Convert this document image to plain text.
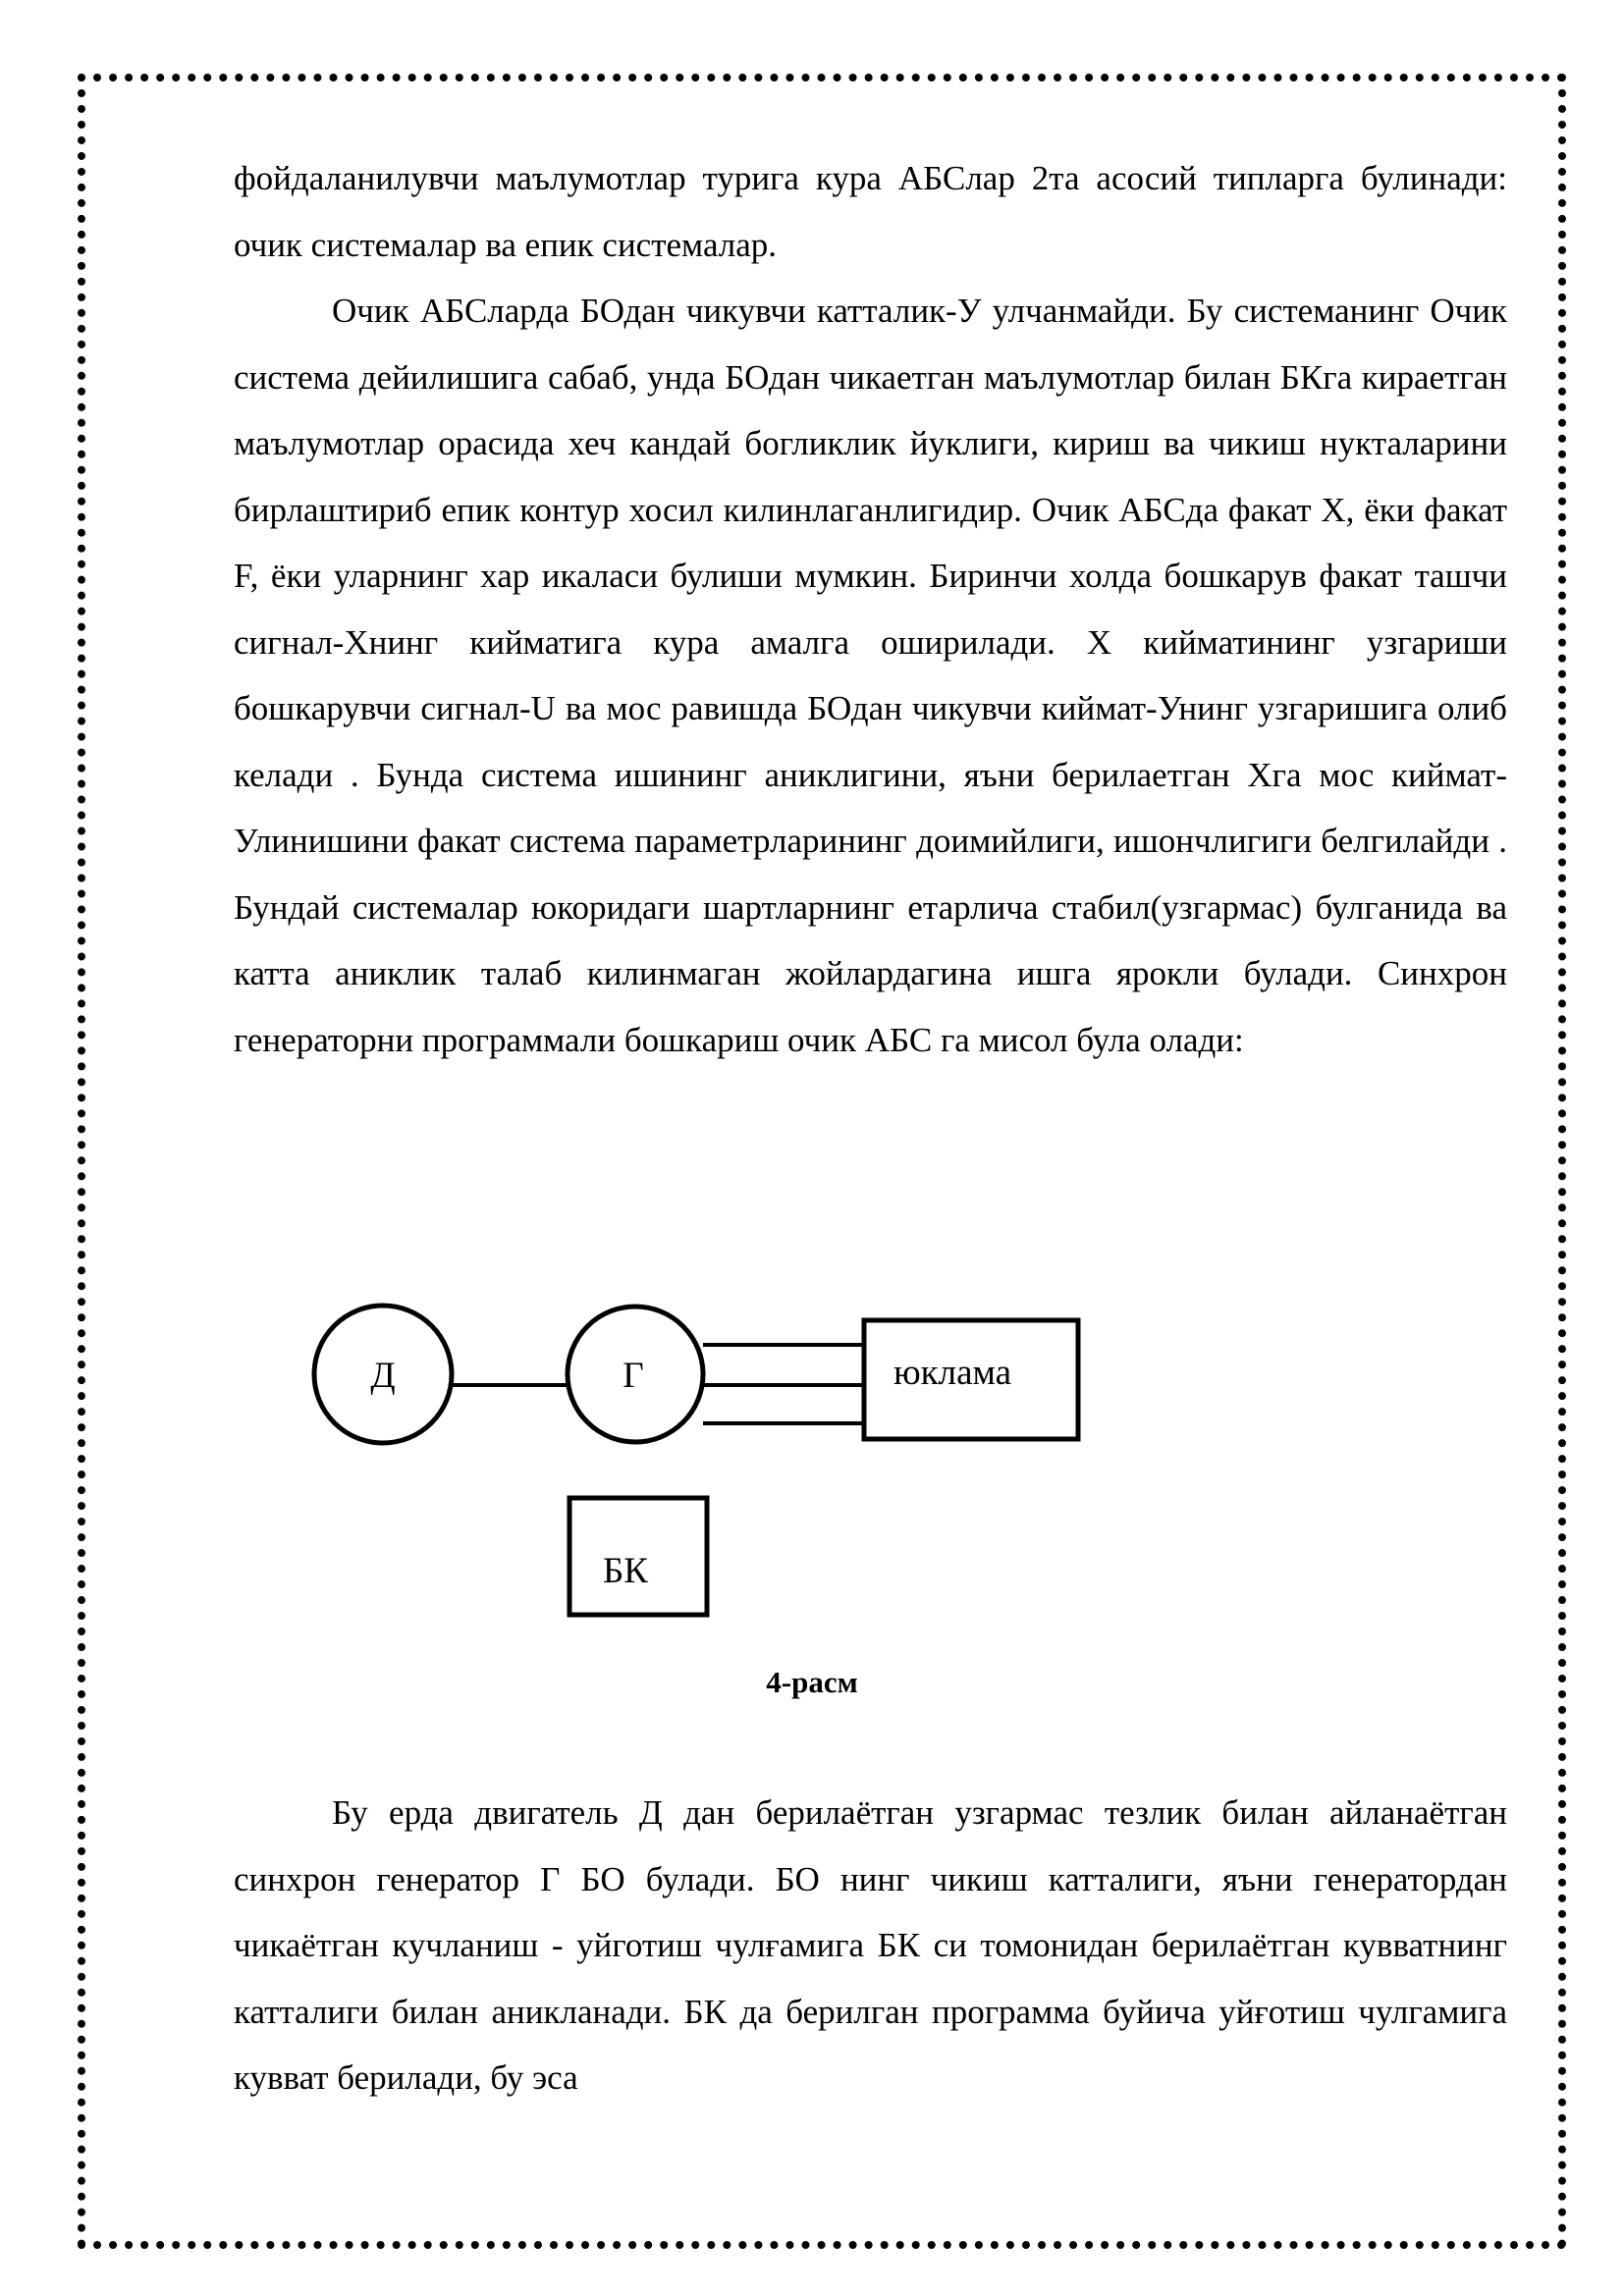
фойдаланилувчи маълумотлар турига кура АБСлар 2та асосий типларга булинади: очик системалар ва епик системалар.

Очик АБСларда БОдан чикувчи катталик-У улчанмайди. Бу системанинг Очик система дейилишига сабаб, унда БОдан чикаетган маълумотлар билан БКга кираетган маълумотлар орасида хеч кандай богликлик йуклиги, кириш ва чикиш нукталарини бирлаштириб епик контур хосил килинлаганлигидир. Очик АБСда факат X, ёки факат F, ёки уларнинг хар икаласи булиши мумкин. Биринчи холда бошкарув факат ташчи сигнал-Хнинг кийматига кура амалга оширилади. X кийматининг узгариши бошкарувчи сигнал-U ва мос равишда БОдан чикувчи киймат-Унинг узгаришига олиб келади . Бунда система ишининг аниклигини, яъни берилаетган Хга мос киймат-Улинишини факат система параметрларининг доимийлиги, ишончлигиги белгилайди . Бундай системалар юкоридаги шартларнинг етарлича стабил(узгармас) булганида ва катта аниклик талаб килинмаган жойлардагина ишга ярокли булади. Синхрон генераторни программали бошкариш очик АБС га мисол була олади:

Д	Г	юклама
БК
4-расм

Бу ерда двигатель Д дан берилаётган узгармас тезлик билан айланаётган синхрон генератор Г БО булади. БО нинг чикиш катталиги, яъни генератордан чикаётган кучланиш - уйготиш чулғамига БК си томонидан берилаётган кувватнинг катталиги билан аникланади. БК да берилган программа буйича уйғотиш чулгамига кувват берилади, бу эса
